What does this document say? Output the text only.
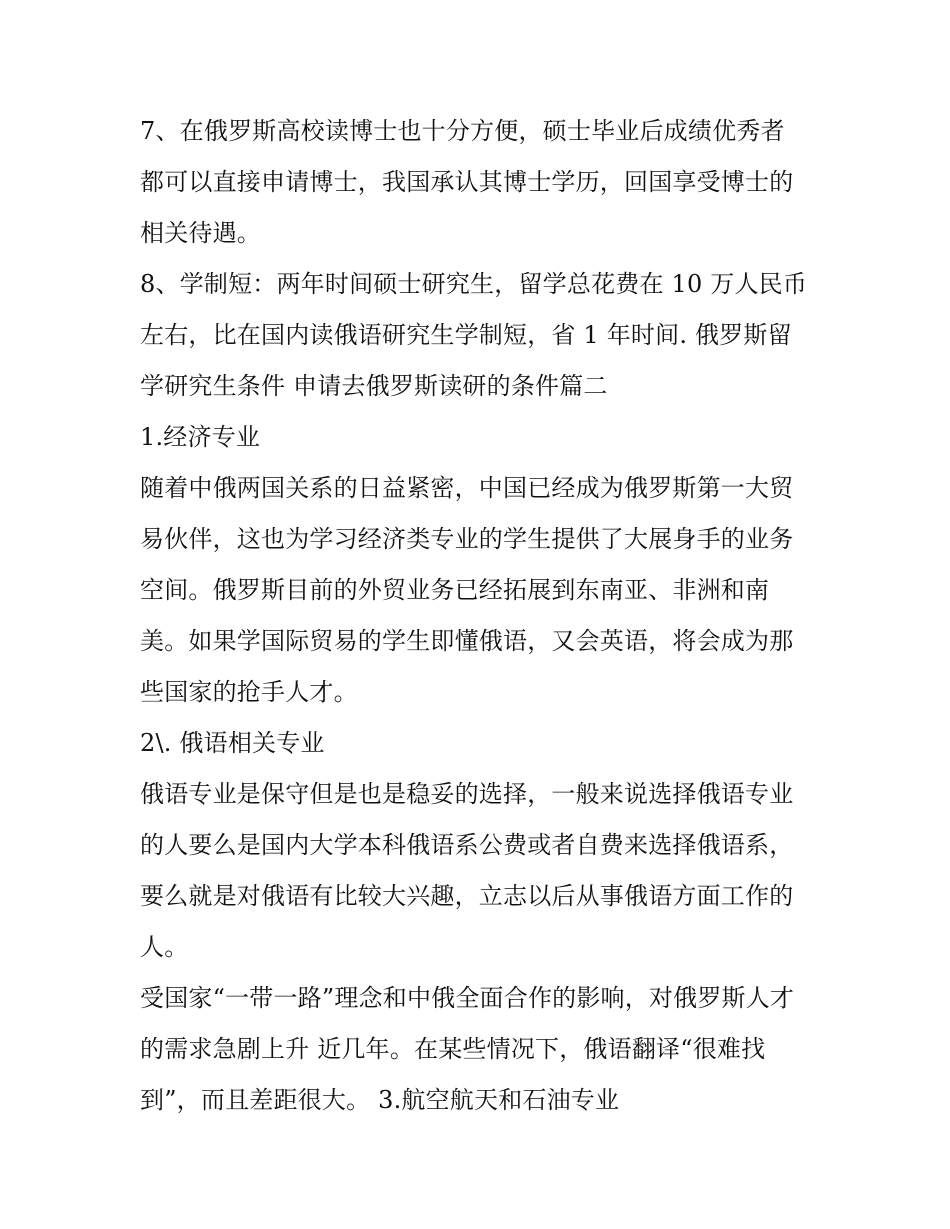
7、在俄罗斯高校读博士也十分方便，硕士毕业后成绩优秀者
都可以直接申请博士，我国承认其博士学历，回国享受博士的
相关待遇。
8、学制短：两年时间硕士研究生，留学总花费在 10 万人民币
左右，比在国内读俄语研究生学制短，省 1 年时间. 俄罗斯留
学研究生条件 申请去俄罗斯读研的条件篇二
1.经济专业
随着中俄两国关系的日益紧密，中国已经成为俄罗斯第一大贸
易伙伴，这也为学习经济类专业的学生提供了大展身手的业务
空间。俄罗斯目前的外贸业务已经拓展到东南亚、非洲和南
美。如果学国际贸易的学生即懂俄语，又会英语，将会成为那
些国家的抢手人才。
2\. 俄语相关专业
俄语专业是保守但是也是稳妥的选择，一般来说选择俄语专业
的人要么是国内大学本科俄语系公费或者自费来选择俄语系，
要么就是对俄语有比较大兴趣，立志以后从事俄语方面工作的
人。
受国家“一带一路”理念和中俄全面合作的影响，对俄罗斯人才
的需求急剧上升 近几年。在某些情况下，俄语翻译“很难找
到”，而且差距很大。 3.航空航天和石油专业
